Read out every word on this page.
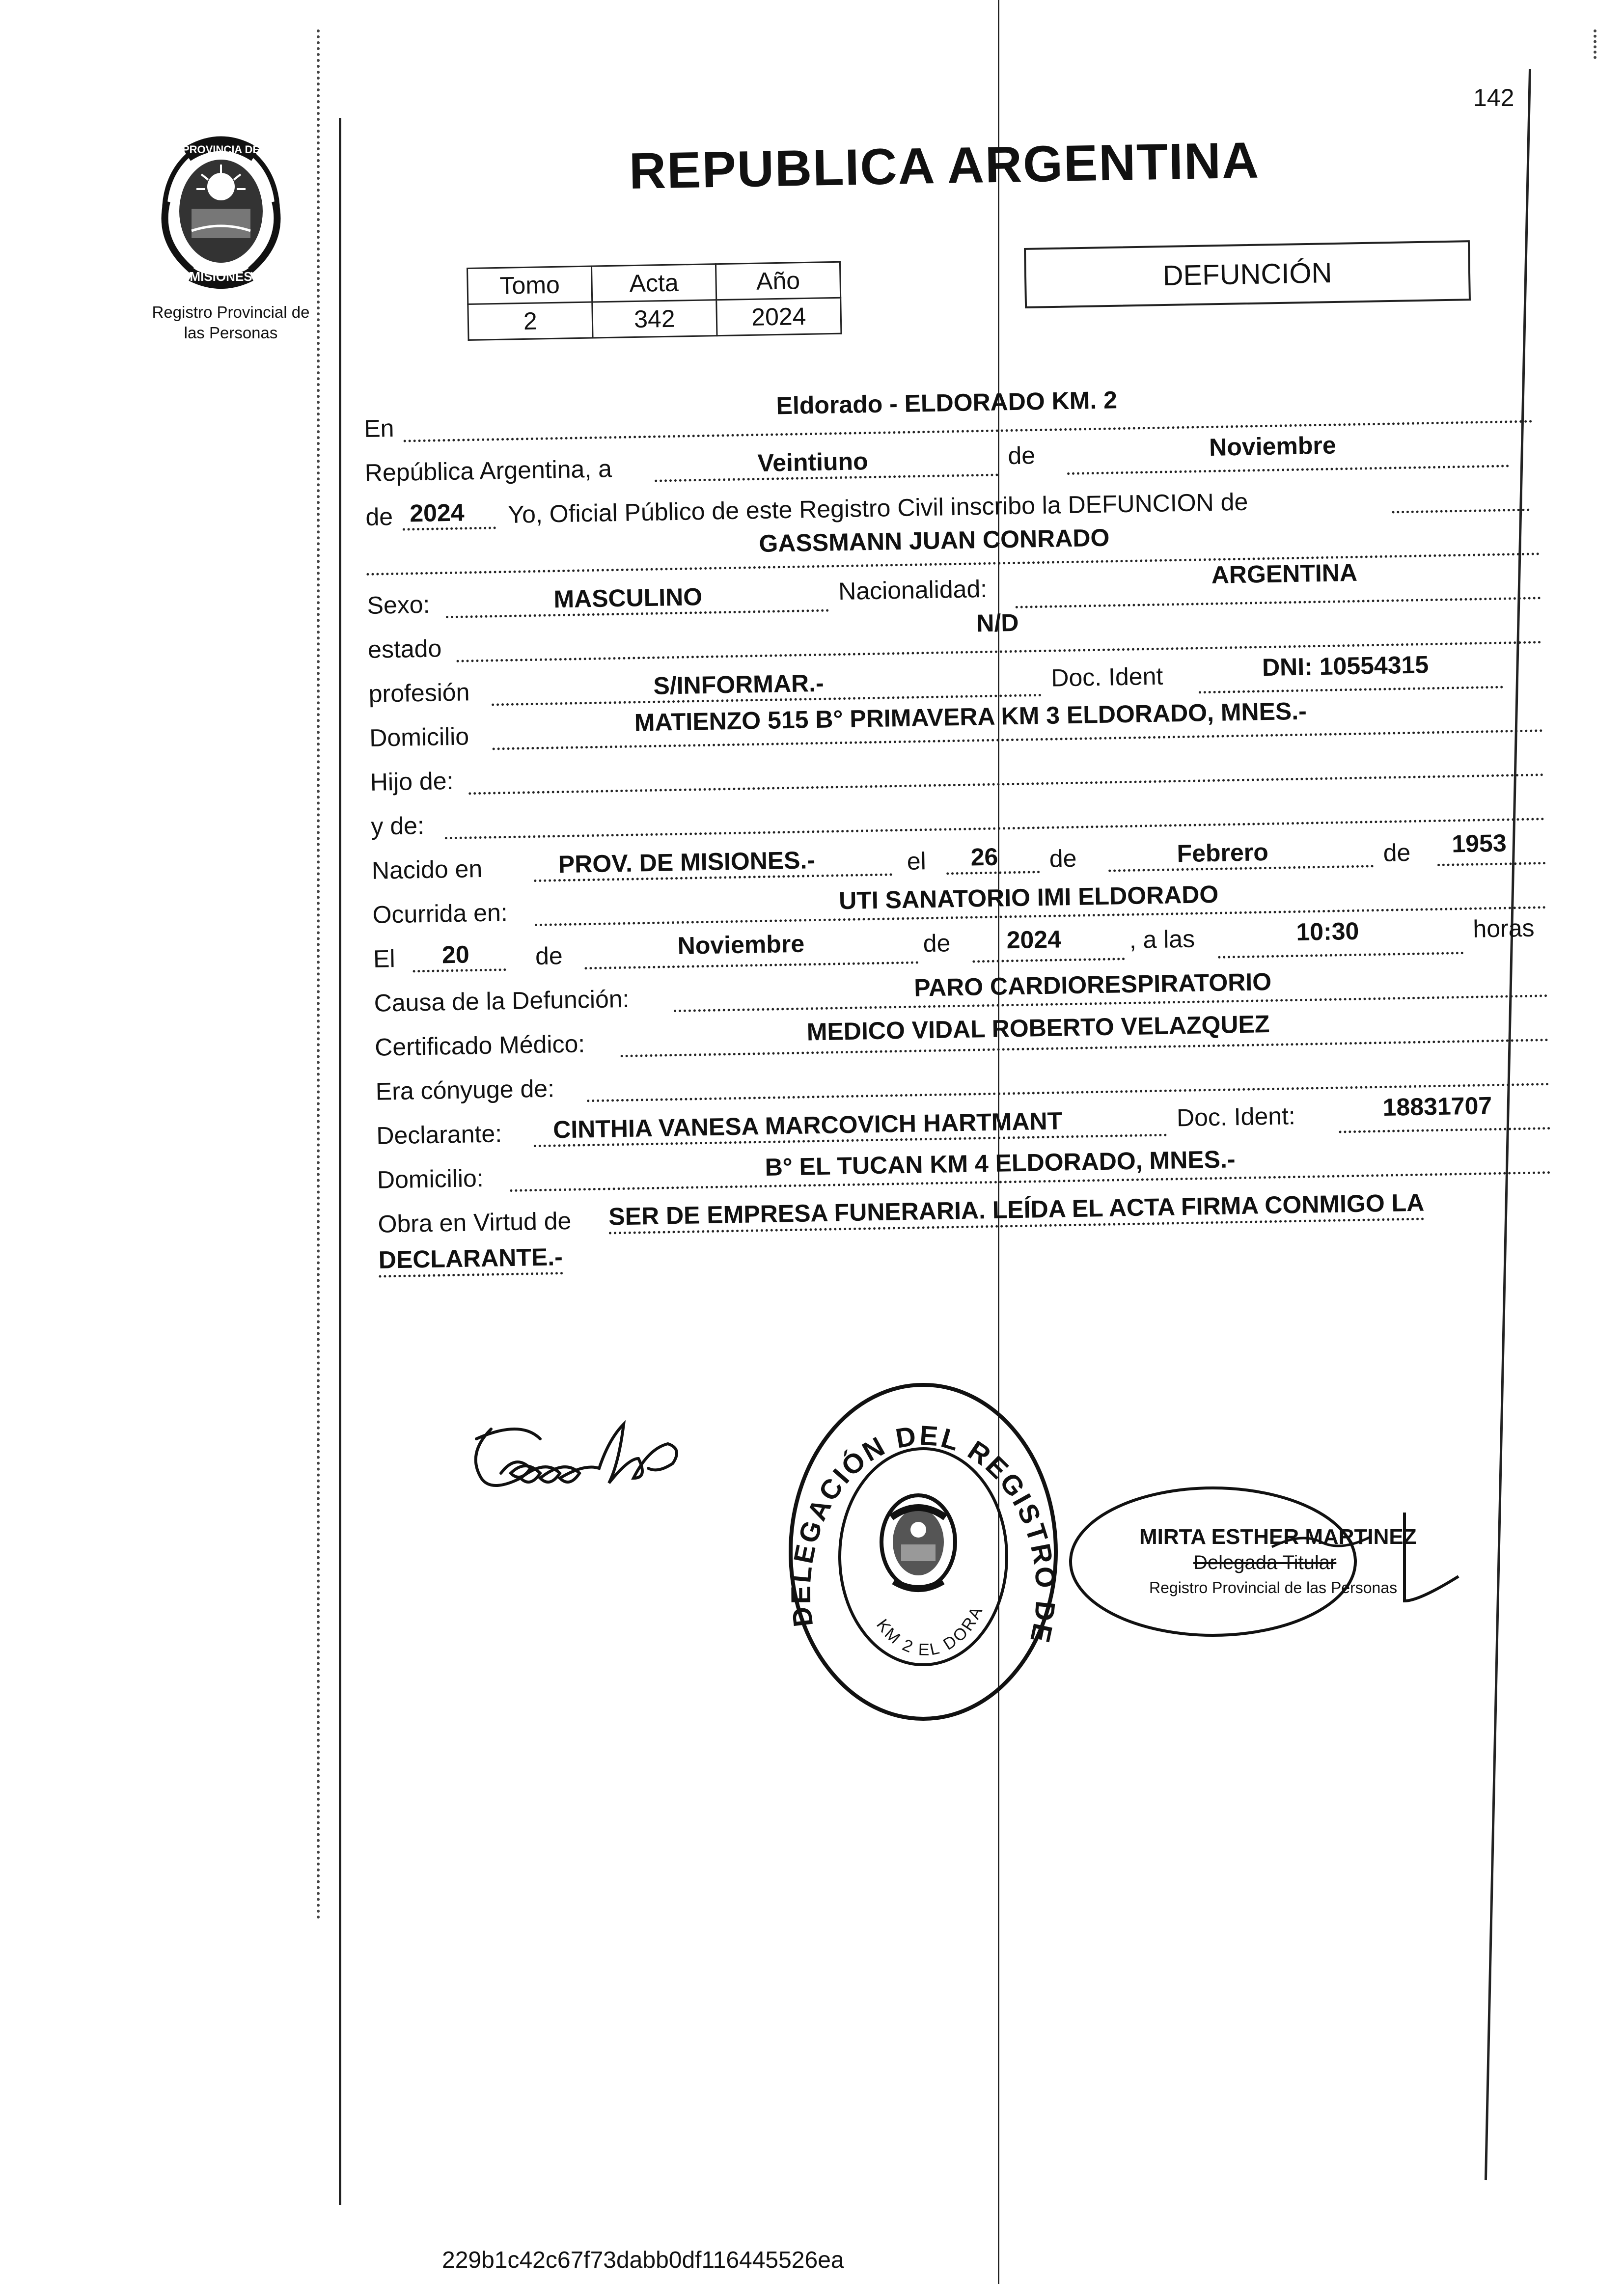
142
REPUBLICA ARGENTINA
PROVINCIA DE
MISIONES
Registro Provincial de
las Personas
Tomo	Acta	Año
2	342	2024
DEFUNCIÓN
En
Eldorado - ELDORADO KM. 2
República Argentina, a	Veintiuno	de	Noviembre
de 2024 Yo, Oficial Público de este Registro Civil inscribo la DEFUNCION de
GASSMANN JUAN CONRADO
Sexo:	MASCULINO	Nacionalidad:
ARGENTINA
estado
N/D
profesión	S/INFORMAR.-	Doc. Ident	DNI: 10554315
Domicilio
MATIENZO 515 B° PRIMAVERA KM 3 ELDORADO, MNES.-
Hijo de:
y de:
Nacido en	PROV. DE MISIONES.-	el 26 de	Febrero	de 1953
Ocurrida en:	UTI SANATORIO IMI ELDORADO
El 20	de	Noviembre	de 2024	, a las	10:30	horas
Causa de la Defunción:	PARO CARDIORESPIRATORIO
Certificado Médico:	MEDICO VIDAL ROBERTO VELAZQUEZ
Era cónyuge de:
Declarante: CINTHIA VANESA MARCOVICH HARTMANT	Doc. Ident:	18831707
Domicilio:	B° EL TUCAN KM 4 ELDORADO, MNES.-
Obra en Virtud de SER DE EMPRESA FUNERARIA. LEÍDA EL ACTA FIRMA CONMIGO LA
DECLARANTE.-
DELEGACIÓN DEL REGISTRO DE
KM 2 EL DORA
MIRTA ESTHER MARTINEZ
Delegada Titular
Registro Provincial de las Personas
229b1c42c67f73dabb0df116445526ea
